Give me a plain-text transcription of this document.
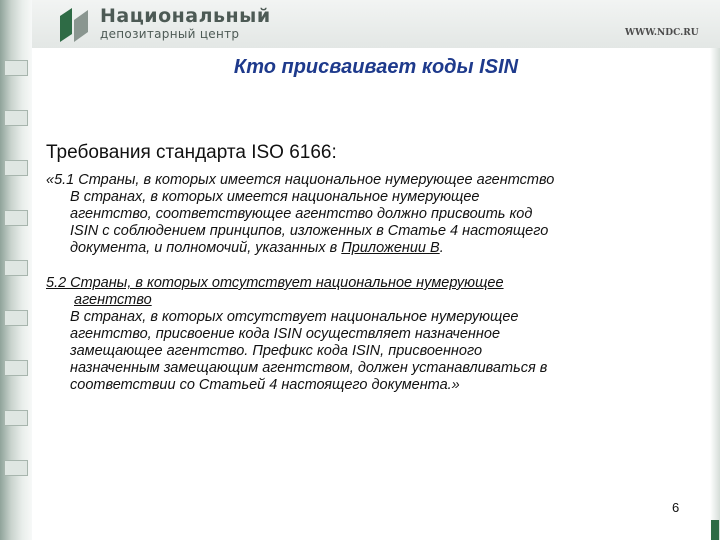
Национальный
депозитарный центр	WWW.NDC.RU
Кто присваивает коды ISIN
Требования стандарта ISO 6166:
«5.1 Страны, в которых имеется национальное нумерующее агентство
В странах, в которых имеется национальное нумерующее
агентство, соответствующее агентство должно присвоить код
ISIN с соблюдением принципов, изложенных в Статье 4 настоящего
документа, и полномочий, указанных в Приложении В.
5.2 Страны, в которых отсутствует национальное нумерующее
агентство
В странах, в которых отсутствует национальное нумерующее
агентство, присвоение кода ISIN осуществляет назначенное
замещающее агентство. Префикс кода ISIN, присвоенного
назначенным замещающим агентством, должен устанавливаться в
соответствии со Статьей 4 настоящего документа.»
6
